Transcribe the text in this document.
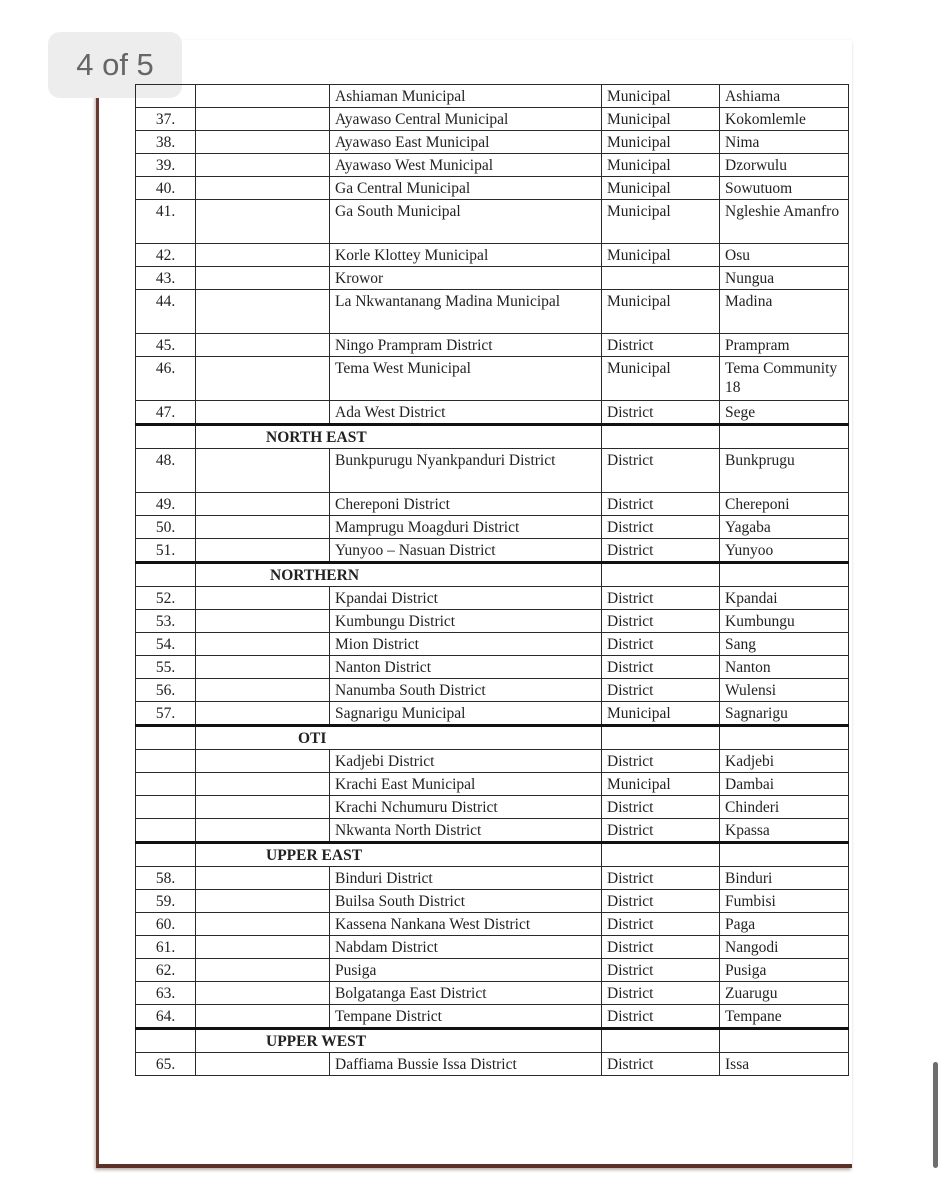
4 of 5
		Ashiaman Municipal	Municipal	Ashiama
37.		Ayawaso Central Municipal	Municipal	Kokomlemle
38.		Ayawaso East Municipal	Municipal	Nima
39.		Ayawaso West Municipal	Municipal	Dzorwulu
40.		Ga Central Municipal	Municipal	Sowutuom
41.		Ga South Municipal	Municipal	Ngleshie Amanfro
42.		Korle Klottey Municipal	Municipal	Osu
43.		Krowor		Nungua
44.		La Nkwantanang Madina Municipal	Municipal	Madina
45.		Ningo Prampram District	District	Prampram
46.		Tema West Municipal	Municipal	Tema Community 18
47.		Ada West District	District	Sege
	NORTH EAST			
48.		Bunkpurugu Nyankpanduri District	District	Bunkprugu
49.		Chereponi District	District	Chereponi
50.		Mamprugu Moagduri District	District	Yagaba
51.		Yunyoo – Nasuan District	District	Yunyoo
	NORTHERN			
52.		Kpandai District	District	Kpandai
53.		Kumbungu District	District	Kumbungu
54.		Mion District	District	Sang
55.		Nanton District	District	Nanton
56.		Nanumba South District	District	Wulensi
57.		Sagnarigu Municipal	Municipal	Sagnarigu
	OTI			
		Kadjebi District	District	Kadjebi
		Krachi East Municipal	Municipal	Dambai
		Krachi Nchumuru District	District	Chinderi
		Nkwanta North District	District	Kpassa
	UPPER EAST			
58.		Binduri District	District	Binduri
59.		Builsa South District	District	Fumbisi
60.		Kassena Nankana West District	District	Paga
61.		Nabdam District	District	Nangodi
62.		Pusiga	District	Pusiga
63.		Bolgatanga East District	District	Zuarugu
64.		Tempane District	District	Tempane
	UPPER WEST			
65.		Daffiama Bussie Issa District	District	Issa
